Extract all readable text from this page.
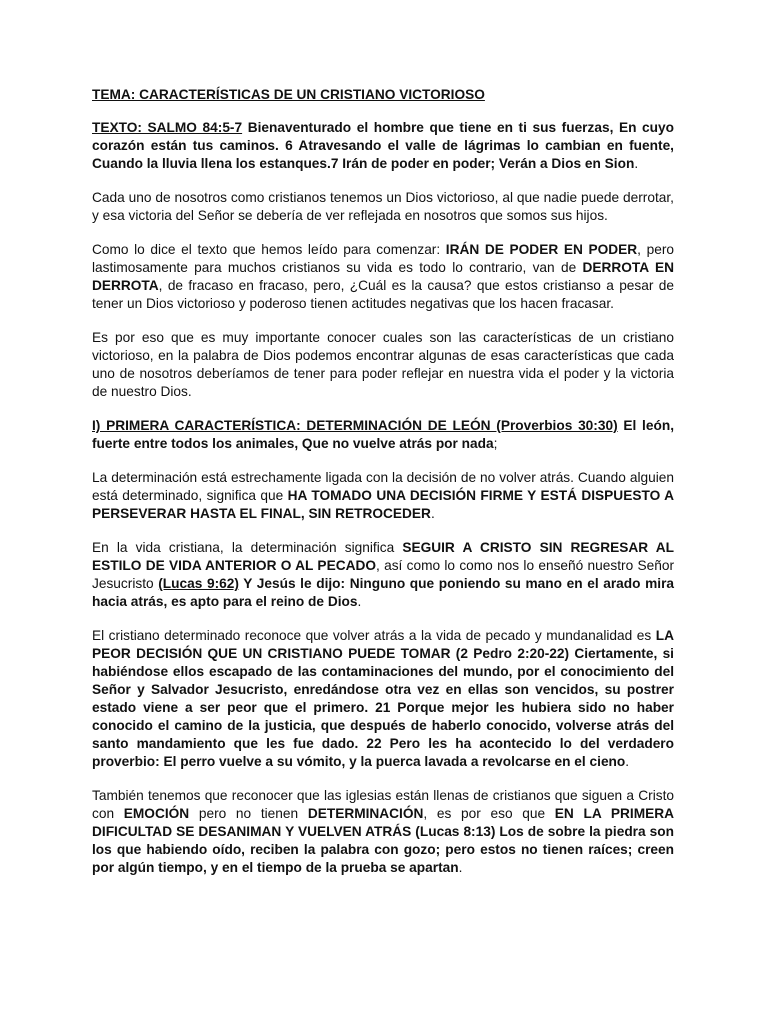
TEMA: CARACTERÍSTICAS DE UN CRISTIANO VICTORIOSO

TEXTO: SALMO 84:5-7 Bienaventurado el hombre que tiene en ti sus fuerzas, En cuyo corazón están tus caminos. 6 Atravesando el valle de lágrimas lo cambian en fuente, Cuando la lluvia llena los estanques.7 Irán de poder en poder; Verán a Dios en Sion.

Cada uno de nosotros como cristianos tenemos un Dios victorioso, al que nadie puede derrotar, y esa victoria del Señor se debería de ver reflejada en nosotros que somos sus hijos.

Como lo dice el texto que hemos leído para comenzar: IRÁN DE PODER EN PODER, pero lastimosamente para muchos cristianos su vida es todo lo contrario, van de DERROTA EN DERROTA, de fracaso en fracaso, pero, ¿Cuál es la causa? que estos cristianso a pesar de tener un Dios victorioso y poderoso tienen actitudes negativas que los hacen fracasar.

Es por eso que es muy importante conocer cuales son las características de un cristiano victorioso, en la palabra de Dios podemos encontrar algunas de esas características que cada uno de nosotros deberíamos de tener para poder reflejar en nuestra vida el poder y la victoria de nuestro Dios.

I) PRIMERA CARACTERÍSTICA: DETERMINACIÓN DE LEÓN (Proverbios 30:30) El león, fuerte entre todos los animales, Que no vuelve atrás por nada;

La determinación está estrechamente ligada con la decisión de no volver atrás. Cuando alguien está determinado, significa que HA TOMADO UNA DECISIÓN FIRME Y ESTÁ DISPUESTO A PERSEVERAR HASTA EL FINAL, SIN RETROCEDER.

En la vida cristiana, la determinación significa SEGUIR A CRISTO SIN REGRESAR AL ESTILO DE VIDA ANTERIOR O AL PECADO, así como lo como nos lo enseñó nuestro Señor Jesucristo (Lucas 9:62) Y Jesús le dijo: Ninguno que poniendo su mano en el arado mira hacia atrás, es apto para el reino de Dios.

El cristiano determinado reconoce que volver atrás a la vida de pecado y mundanalidad es LA PEOR DECISIÓN QUE UN CRISTIANO PUEDE TOMAR (2 Pedro 2:20-22) Ciertamente, si habiéndose ellos escapado de las contaminaciones del mundo, por el conocimiento del Señor y Salvador Jesucristo, enredándose otra vez en ellas son vencidos, su postrer estado viene a ser peor que el primero. 21 Porque mejor les hubiera sido no haber conocido el camino de la justicia, que después de haberlo conocido, volverse atrás del santo mandamiento que les fue dado. 22 Pero les ha acontecido lo del verdadero proverbio: El perro vuelve a su vómito, y la puerca lavada a revolcarse en el cieno.

También tenemos que reconocer que las iglesias están llenas de cristianos que siguen a Cristo con EMOCIÓN pero no tienen DETERMINACIÓN, es por eso que EN LA PRIMERA DIFICULTAD SE DESANIMAN Y VUELVEN ATRÁS (Lucas 8:13) Los de sobre la piedra son los que habiendo oído, reciben la palabra con gozo; pero estos no tienen raíces; creen por algún tiempo, y en el tiempo de la prueba se apartan.
